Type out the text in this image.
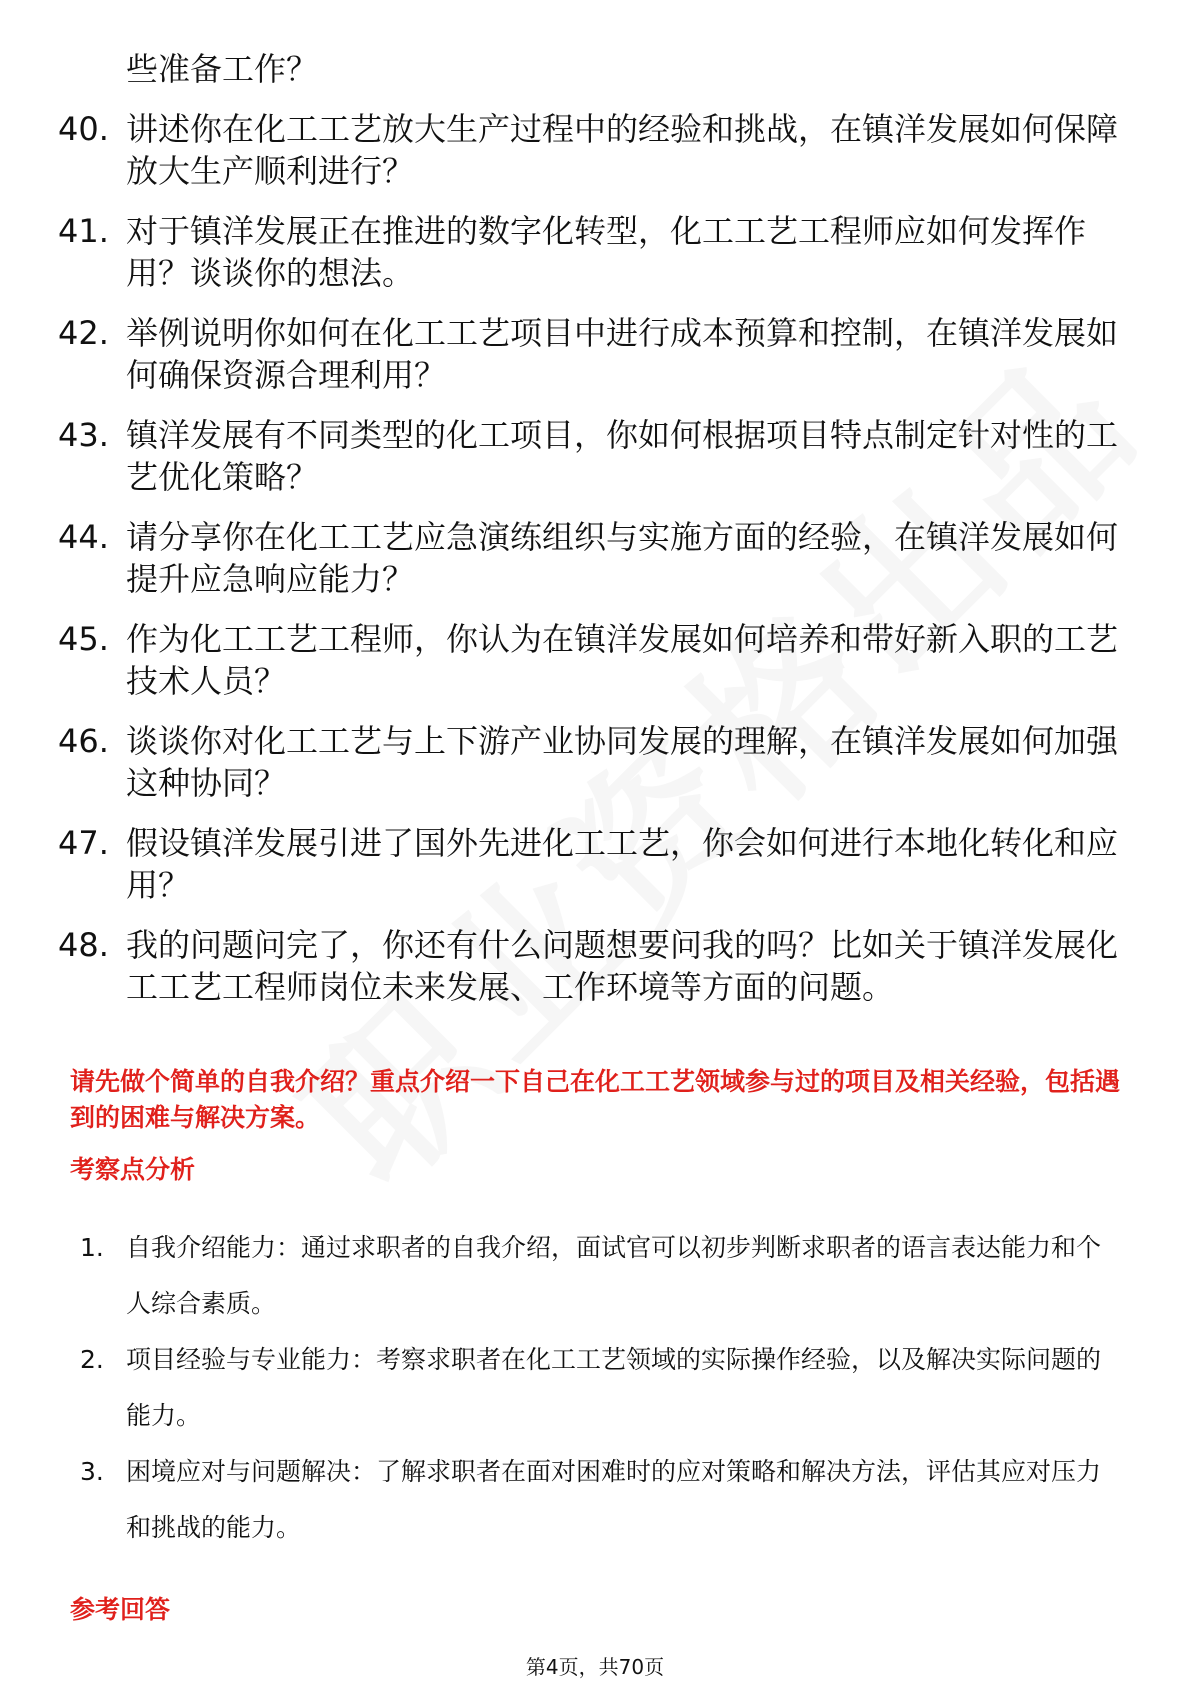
些准备工作？
40. 讲述你在化工工艺放大生产过程中的经验和挑战，在镇洋发展如何保障放大生产顺利进行？
41. 对于镇洋发展正在推进的数字化转型，化工工艺工程师应如何发挥作用？谈谈你的想法。
42. 举例说明你如何在化工工艺项目中进行成本预算和控制，在镇洋发展如何确保资源合理利用？
43. 镇洋发展有不同类型的化工项目，你如何根据项目特点制定针对性的工艺优化策略？
44. 请分享你在化工工艺应急演练组织与实施方面的经验，在镇洋发展如何提升应急响应能力？
45. 作为化工工艺工程师，你认为在镇洋发展如何培养和带好新入职的工艺技术人员？
46. 谈谈你对化工工艺与上下游产业协同发展的理解，在镇洋发展如何加强这种协同？
47. 假设镇洋发展引进了国外先进化工工艺，你会如何进行本地化转化和应用？
48. 我的问题问完了，你还有什么问题想要问我的吗？比如关于镇洋发展化工工艺工程师岗位未来发展、工作环境等方面的问题。
请先做个简单的自我介绍？重点介绍一下自己在化工工艺领域参与过的项目及相关经验，包括遇到的困难与解决方案。
考察点分析
1. 自我介绍能力：通过求职者的自我介绍，面试官可以初步判断求职者的语言表达能力和个人综合素质。
2. 项目经验与专业能力：考察求职者在化工工艺领域的实际操作经验，以及解决实际问题的能力。
3. 困境应对与问题解决：了解求职者在面对困难时的应对策略和解决方法，评估其应对压力和挑战的能力。
参考回答
第4页，共70页
